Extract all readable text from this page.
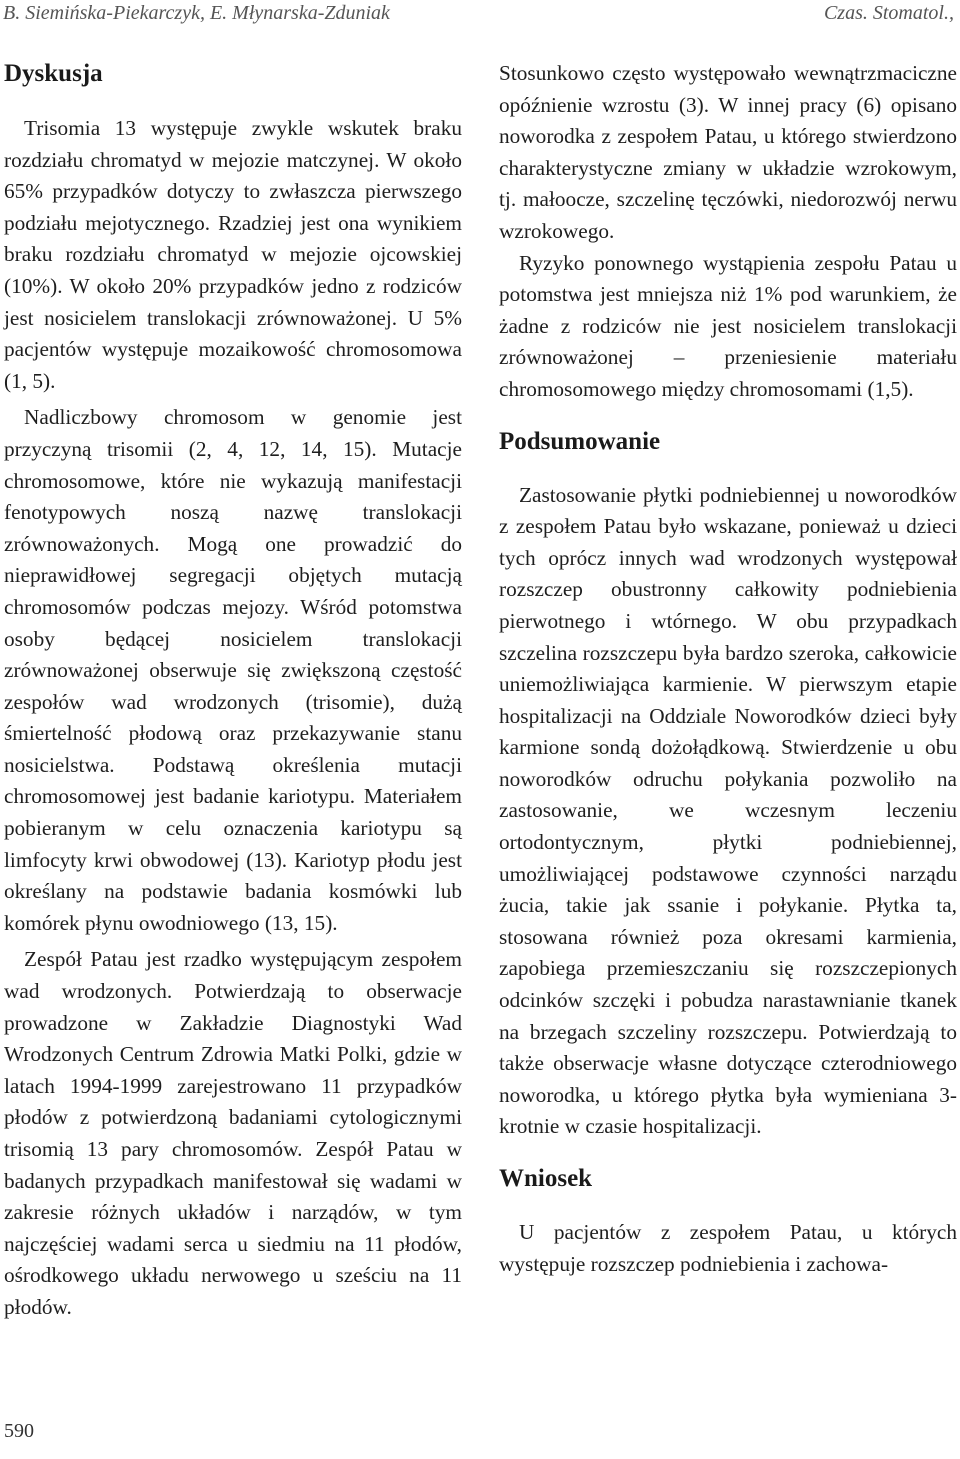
B. Siemińska-Piekarczyk, E. Młynarska-Zduniak	Czas. Stomatol.,
Dyskusja

Trisomia 13 występuje zwykle wskutek braku rozdziału chromatyd w mejozie matczynej. W około 65% przypadków dotyczy to zwłaszcza pierwszego podziału mejotycznego. Rzadziej jest ona wynikiem braku rozdziału chromatyd w mejozie ojcowskiej (10%). W około 20% przypadków jedno z rodziców jest nosicielem translokacji zrównoważonej. U 5% pacjentów występuje mozaikowość chromosomowa (1, 5).

Nadliczbowy chromosom w genomie jest przyczyną trisomii (2, 4, 12, 14, 15). Mutacje chromosomowe, które nie wykazują manifestacji fenotypowych noszą nazwę translokacji zrównoważonych. Mogą one prowadzić do nieprawidłowej segregacji objętych mutacją chromosomów podczas mejozy. Wśród potomstwa osoby będącej nosicielem translokacji zrównoważonej obserwuje się zwiększoną częstość zespołów wad wrodzonych (trisomie), dużą śmiertelność płodową oraz przekazywanie stanu nosicielstwa. Podstawą określenia mutacji chromosomowej jest badanie kariotypu. Materiałem pobieranym w celu oznaczenia kariotypu są limfocyty krwi obwodowej (13). Kariotyp płodu jest określany na podstawie badania kosmówki lub komórek płynu owodniowego (13, 15).

Zespół Patau jest rzadko występującym zespołem wad wrodzonych. Potwierdzają to obserwacje prowadzone w Zakładzie Diagnostyki Wad Wrodzonych Centrum Zdrowia Matki Polki, gdzie w latach 1994-1999 zarejestrowano 11 przypadków płodów z potwierdzoną badaniami cytologicznymi trisomią 13 pary chromosomów. Zespół Patau w badanych przypadkach manifestował się wadami w zakresie różnych układów i narządów, w tym najczęściej wadami serca u siedmiu na 11 płodów, ośrodkowego układu nerwowego u sześciu na 11 płodów.

Stosunkowo często występowało wewnątrzmaciczne opóźnienie wzrostu (3). W innej pracy (6) opisano noworodka z zespołem Patau, u którego stwierdzono charakterystyczne zmiany w układzie wzrokowym, tj. małoocze, szczelinę tęczówki, niedorozwój nerwu wzrokowego.

Ryzyko ponownego wystąpienia zespołu Patau u potomstwa jest mniejsza niż 1% pod warunkiem, że żadne z rodziców nie jest nosicielem translokacji zrównoważonej – przeniesienie materiału chromosomowego między chromosomami (1,5).

Podsumowanie

Zastosowanie płytki podniebiennej u noworodków z zespołem Patau było wskazane, ponieważ u dzieci tych oprócz innych wad wrodzonych występował rozszczep obustronny całkowity podniebienia pierwotnego i wtórnego. W obu przypadkach szczelina rozszczepu była bardzo szeroka, całkowicie uniemożliwiająca karmienie. W pierwszym etapie hospitalizacji na Oddziale Noworodków dzieci były karmione sondą dożołądkową. Stwierdzenie u obu noworodków odruchu połykania pozwoliło na zastosowanie, we wczesnym leczeniu ortodontycznym, płytki podniebiennej, umożliwiającej podstawowe czynności narządu żucia, takie jak ssanie i połykanie. Płytka ta, stosowana również poza okresami karmienia, zapobiega przemieszczaniu się rozszczepionych odcinków szczęki i pobudza narastawnianie tkanek na brzegach szczeliny rozszczepu. Potwierdzają to także obserwacje własne dotyczące czterodniowego noworodka, u którego płytka była wymieniana 3-krotnie w czasie hospitalizacji.

Wniosek

U pacjentów z zespołem Patau, u których występuje rozszczep podniebienia i zachowa-

590
